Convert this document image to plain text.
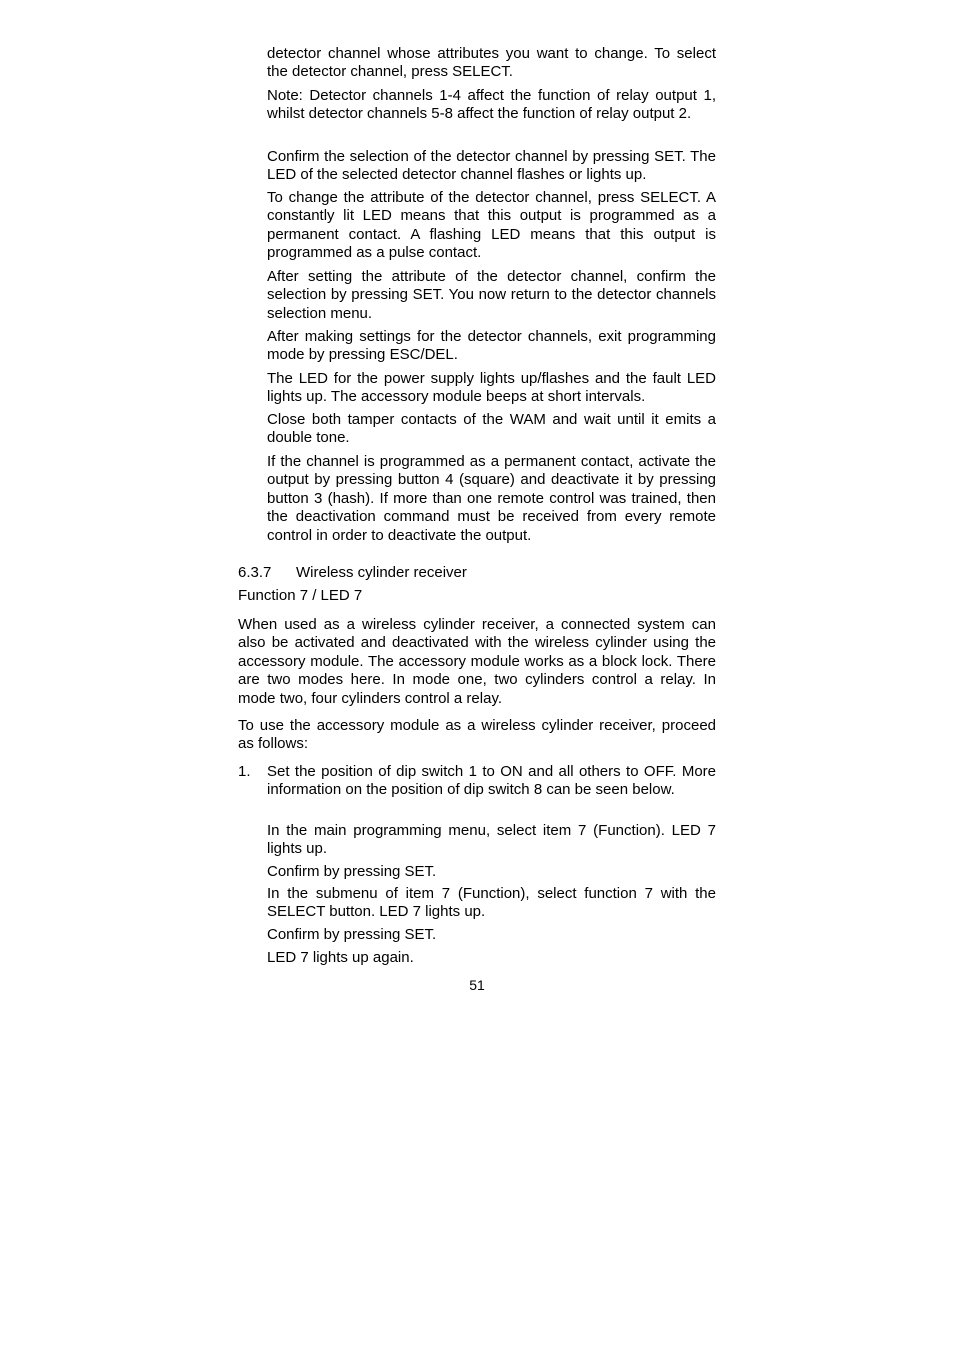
detector channel whose attributes you want to change. To select the detector channel, press SELECT.

Note: Detector channels 1-4 affect the function of relay output 1, whilst detector channels 5-8 affect the function of relay output 2.

Confirm the selection of the detector channel by pressing SET. The LED of the selected detector channel flashes or lights up.

To change the attribute of the detector channel, press SELECT. A constantly lit LED means that this output is programmed as a permanent contact. A flashing LED means that this output is programmed as a pulse contact.

After setting the attribute of the detector channel, confirm the selection by pressing SET. You now return to the detector channels selection menu.

After making settings for the detector channels, exit programming mode by pressing ESC/DEL.

The LED for the power supply lights up/flashes and the fault LED lights up. The accessory module beeps at short intervals.

Close both tamper contacts of the WAM and wait until it emits a double tone.

If the channel is programmed as a permanent contact, activate the output by pressing button 4 (square) and deactivate it by pressing button 3 (hash). If more than one remote control was trained, then the deactivation command must be received from every remote control in order to deactivate the output.

6.3.7 Wireless cylinder receiver

Function 7 / LED 7

When used as a wireless cylinder receiver, a connected system can also be activated and deactivated with the wireless cylinder using the accessory module. The accessory module works as a block lock. There are two modes here. In mode one, two cylinders control a relay. In mode two, four cylinders control a relay.

To use the accessory module as a wireless cylinder receiver, proceed as follows:

1. Set the position of dip switch 1 to ON and all others to OFF. More information on the position of dip switch 8 can be seen below.

In the main programming menu, select item 7 (Function). LED 7 lights up.

Confirm by pressing SET.

In the submenu of item 7 (Function), select function 7 with the SELECT button. LED 7 lights up.

Confirm by pressing SET.

LED 7 lights up again.

51
